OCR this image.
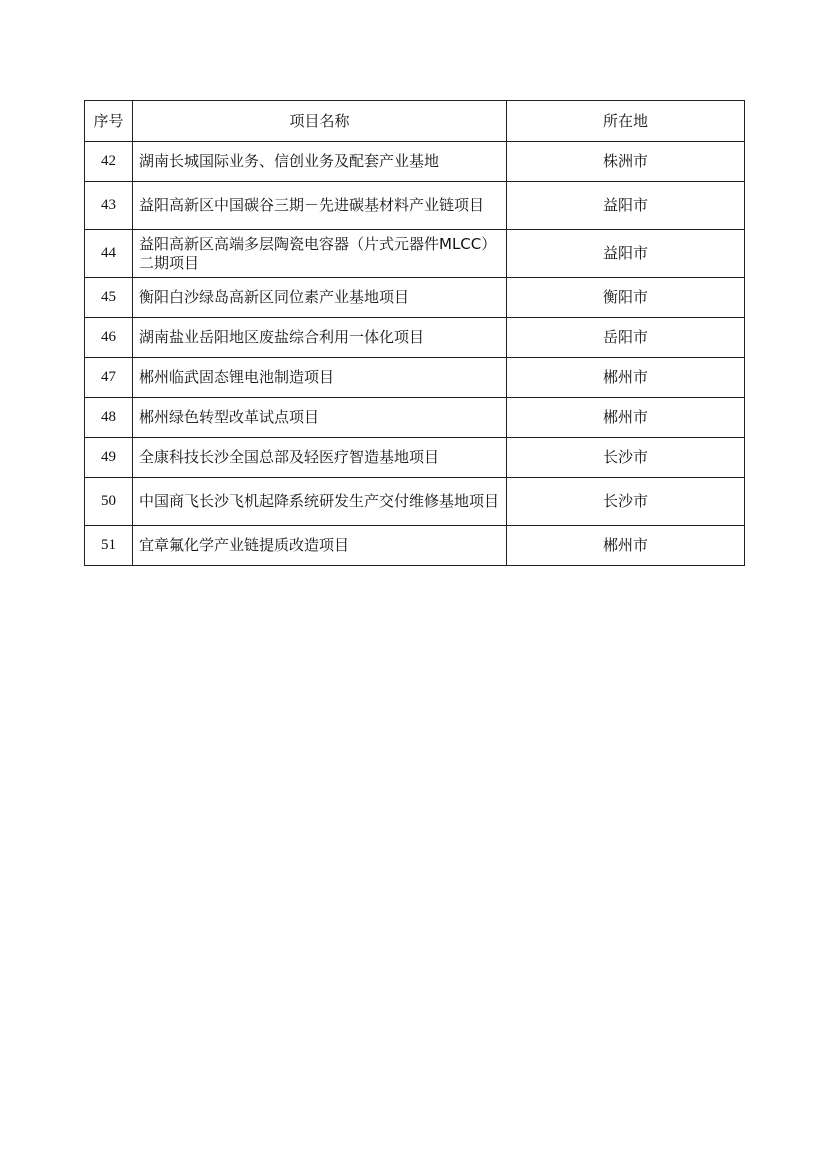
序号	项目名称	所在地
42	湖南长城国际业务、信创业务及配套产业基地	株洲市
43	益阳高新区中国碳谷三期－先进碳基材料产业链项目	益阳市
44	益阳高新区高端多层陶瓷电容器（片式元器件MLCC）二期项目	益阳市
45	衡阳白沙绿岛高新区同位素产业基地项目	衡阳市
46	湖南盐业岳阳地区废盐综合利用一体化项目	岳阳市
47	郴州临武固态锂电池制造项目	郴州市
48	郴州绿色转型改革试点项目	郴州市
49	全康科技长沙全国总部及轻医疗智造基地项目	长沙市
50	中国商飞长沙飞机起降系统研发生产交付维修基地项目	长沙市
51	宜章氟化学产业链提质改造项目	郴州市
